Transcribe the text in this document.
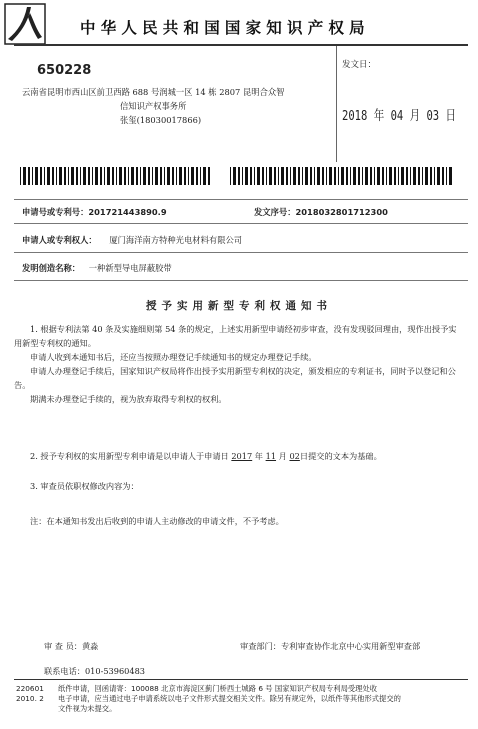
中华人民共和国国家知识产权局
650228
云南省昆明市西山区前卫西路 688 号润城一区 14 栋 2807 昆明合众智
信知识产权事务所
张玺(18030017866)
发文日：
2018 年 04 月 03 日
申请号或专利号：201721443890.9	发文序号：2018032801712300
申请人或专利权人： 厦门海洋南方特种光电材料有限公司
发明创造名称： 一种新型导电屏蔽胶带
授予实用新型专利权通知书

1. 根据专利法第 40 条及实施细则第 54 条的规定，上述实用新型申请经初步审查，没有发现驳回理由，现作出授予实用新型专利权的通知。

申请人收到本通知书后，还应当按照办理登记手续通知书的规定办理登记手续。

申请人办理登记手续后，国家知识产权局将作出授予实用新型专利权的决定，颁发相应的专利证书，同时予以登记和公告。

期满未办理登记手续的，视为放弃取得专利权的权利。

2. 授予专利权的实用新型专利申请是以申请人于申请日 2017 年 11 月 02日提交的文本为基础。
3. 审查员依职权修改内容为：
注：在本通知书发出后收到的申请人主动修改的申请文件，不予考虑。
审 查 员：黄淼	审查部门：专利审查协作北京中心实用新型审查部
联系电话：010-53960483
220601
2010. 2
纸件申请，回函请寄：100088 北京市海淀区蓟门桥西土城路 6 号 国家知识产权局专利局受理处收
电子申请，应当通过电子申请系统以电子文件形式提交相关文件。除另有规定外，以纸件等其他形式提交的
文件视为未提交。
